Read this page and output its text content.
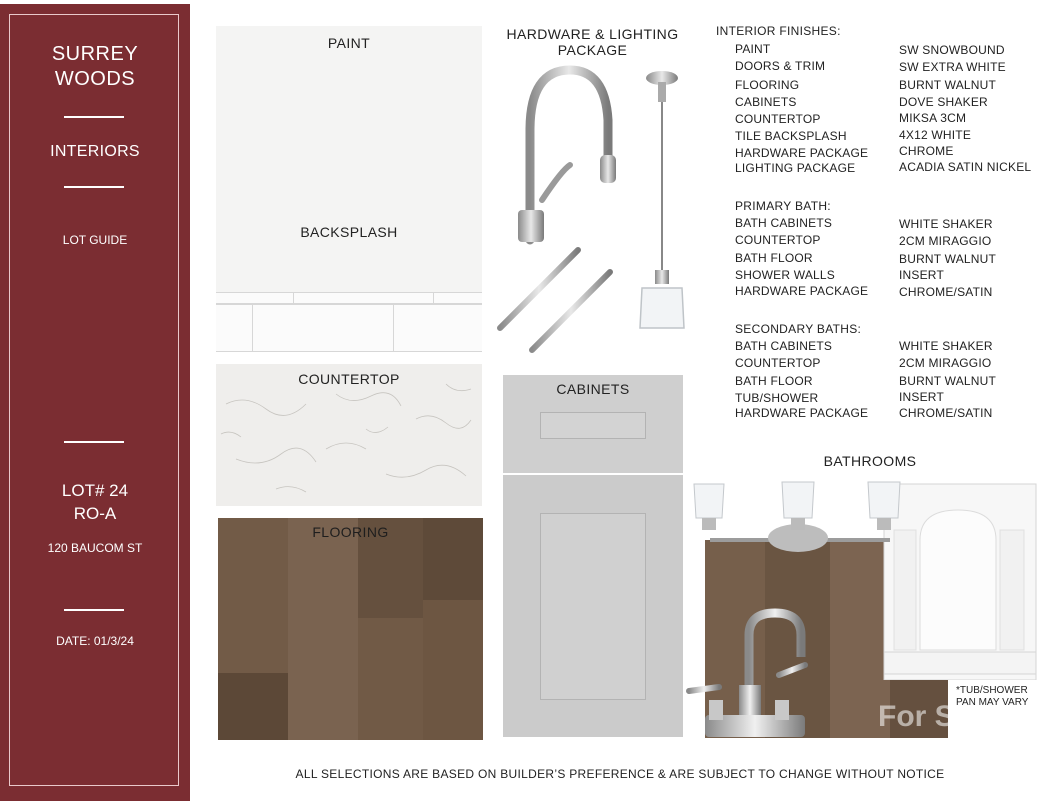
SURREY
WOODS
INTERIORS
LOT GUIDE
LOT# 24
RO-A
120 BAUCOM ST
DATE: 01/3/24
PAINT
BACKSPLASH
COUNTERTOP
FLOORING
CABINETS
HARDWARE & LIGHTING
PACKAGE
INTERIOR FINISHES:
PAINT	SW SNOWBOUND
DOORS & TRIM	SW EXTRA WHITE
FLOORING	BURNT WALNUT
CABINETS	DOVE SHAKER
COUNTERTOP	MIKSA 3CM
TILE BACKSPLASH	4X12 WHITE
HARDWARE PACKAGE	CHROME
LIGHTING PACKAGE	ACADIA SATIN NICKEL
PRIMARY BATH:
BATH CABINETS	WHITE SHAKER
COUNTERTOP	2CM MIRAGGIO
BATH FLOOR	BURNT WALNUT
SHOWER WALLS	INSERT
HARDWARE PACKAGE	CHROME/SATIN
SECONDARY BATHS:
BATH CABINETS	WHITE SHAKER
COUNTERTOP	2CM MIRAGGIO
BATH FLOOR	BURNT WALNUT
TUB/SHOWER	INSERT
HARDWARE PACKAGE	CHROME/SATIN
BATHROOMS
For S
*TUB/SHOWER
PAN MAY VARY
ALL SELECTIONS ARE BASED ON BUILDER’S PREFERENCE & ARE SUBJECT TO CHANGE WITHOUT NOTICE
